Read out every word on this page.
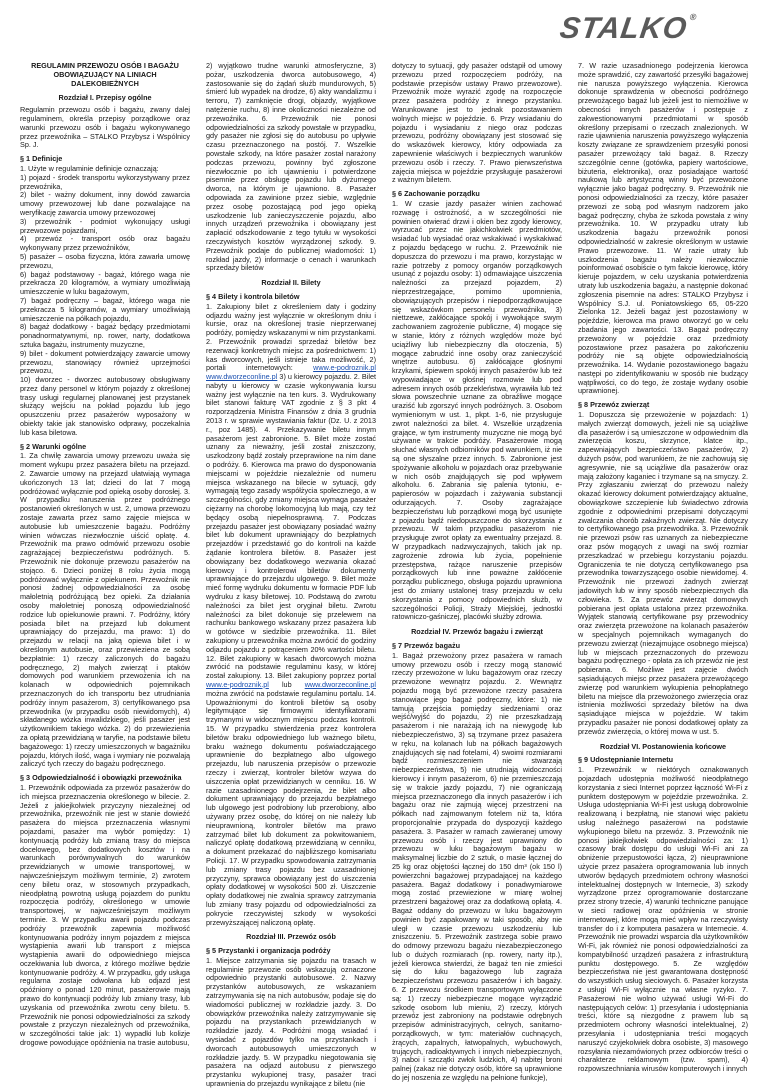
STALKO®
REGULAMIN PRZEWOZU OSÓB I BAGAŻU OBOWIĄZUJĄCY NA LINIACH DALEKOBIEŻNYCH
Rozdział I. Przepisy ogólne

Regulamin przewozu osób i bagażu, zwany dalej regulaminem, określa przepisy porządkowe oraz warunki przewozu osób i bagażu wykonywanego przez przewoźnika – STALKO Przybysz i Wspólnicy Sp. J.

§ 1 Definicje
1. Użyte w regulaminie definicje oznaczają:
1) pojazd - środek transportu wykorzystywany przez przewoźnika,
2) bilet - ważny dokument, inny dowód zawarcia umowy przewozowej lub dane pozwalające na weryfikację zawarcia umowy przewozowej
3) przewoźnik - podmiot wykonujący usługi przewozowe pojazdami,
4) przewóz - transport osób oraz bagażu wykonywany przez przewoźników,
5) pasażer – osoba fizyczna, która zawarła umowę przewozu,
6) bagaż podstawowy - bagaż, którego waga nie przekracza 20 kilogramów, a wymiary umożliwiają umieszczenie w luku bagażowym,
7) bagaż podręczny – bagaż, którego waga nie przekracza 5 kilogramów, a wymiary umożliwiają umieszczenie na półkach pojazdu,
8) bagaż dodatkowy - bagaż będący przedmiotami ponadnormatywnymi, np. rower, narty, dodatkowa sztuka bagażu, instrumenty muzyczne,
9) bilet - dokument potwierdzający zawarcie umowy przewozu, stanowiący również uprzejmości przewozu,
10) dworzec - dworzec autobusowy obsługiwany przez dany personel w którym pojazdy z określonej trasy usługi regularnej planowanej jest przystanek służący wejściu na pokład pojazdu lub jego opuszczeniu przez pasażerów wyposażony w obiekty takie jak stanowisko odprawy, poczekalnia lub kasa biletowa.
§ 2 Warunki ogólne

1. Za chwilę zawarcia umowy przewozu uważa się moment wykupu przez pasażera biletu na przejazd. 2. Zawarcie umowy na przejazd ułatwiają wymaga ukończonych 13 lat; dzieci do lat 7 mogą podróżować wyłącznie pod opieką osoby dorosłej. 3. W przypadku naruszenia przez podróżnego postanowień określonych w ust. 2, umowa przewozu zostaje zawarta przez samo zajęcie miejsca w autobusie lub umieszczenie bagażu. Podróżny winien wówczas niezwłocznie uiścić opłatę. 4. Przewoźnik ma prawo odmówić przewozu osobie zagrażającej bezpieczeństwu podróżnych. 5. Przewoźnik nie dokonuje przewozu pasażerów na stojąco. 6. Dzieci poniżej 8 roku życia mogą podróżować wyłącznie z opiekunem. Przewoźnik nie ponosi żadnej odpowiedzialności za osobę małoletnią podróżującą bez opieki. Za działania osoby małoletniej ponoszą odpowiedzialność rodzice lub opiekunowie prawni. 7. Podróżny, który posiada bilet na przejazd lub dokument uprawniający do przejazdu, ma prawo: 1) do przejazdu w relacji na jaką opiewa bilet i w określonym autobusie, oraz przewieziena ze sobą bezpłatnie: 1) rzeczy zaliczonych do bagażu podręcznego, 2) małych zwierząt i ptaków domowych pod warunkiem przewożenia ich na kolanach w odpowiednich pojemnikach przeznaczonych do ich transportu bez utrudniania podróży innym pasażerom, 3) certyfikowanego psa przewodnika (w przypadku osób niewidomych), 4) składanego wózka inwalidzkiego, jeśli pasażer jest użytkownikiem takiego wózka. 2) do przewiezienia za opłatą przewidzianą w taryfie, na podstawie biletu bagażowego: 1) rzeczy umieszczonych w bagażniku pojazdu, których ilość, waga i wymiary nie pozwalają zaliczyć tych rzeczy do bagażu podręcznego.

§ 3 Odpowiedzialność i obowiązki przewoźnika

1. Przewoźnik odpowiada za przewóz pasażerów do ich miejsca przeznaczenia określonego w bilecie. 2. Jeżeli z jakiejkolwiek przyczyny niezależnej od przewoźnika, przewoźnik nie jest w stanie dowieźć pasażera do miejsca przeznaczenia własnymi pojazdami, pasażer ma wybór pomiędzy: 1) kontynuacją podróży lub zmianą trasy do miejsca docelowego, bez dodatkowych kosztów i na warunkach porównywalnych do warunków przewidzianych w umowie transportowej, w najwcześniejszym możliwym terminie, 2) zwrotem ceny biletu oraz, w stosownych przypadkach, nieodpłatną powrotną usługą pojazdem do punktu rozpoczęcia podróży, określonego w umowie transportowej, w najwcześniejszym możliwym terminie. 3. W przypadku awarii pojazdu podczas podróży przewoźnik zapewnia możliwość kontynuowania podróży innym pojazdem z miejsca wystąpienia awarii lub transport z miejsca wystąpienia awarii do odpowiedniego miejsca oczekiwania lub dworca, z którego możliwe będzie kontynuowanie podróży. 4. W przypadku, gdy usługa regularna zostaje odwołana lub odjazd jest opóźniony o ponad 120 minut, pasażerowie mają prawo do kontynuacji podróży lub zmiany trasy, lub uzyskania od przewoźnika zwrotu ceny biletu. 5. Przewoźnik nie ponosi odpowiedzialności za szkody powstałe z przyczyn niezależnych od przewoźnika, w szczególności takie jak: 1) wypadki lub kolizje drogowe powodujące opóźnienia na trasie autobusu,

2) wyjątkowo trudne warunki atmosferyczne, 3) pożar, uszkodzenia dworca autobusowego, 4) zastosowanie się do żądań służb mundurowych, 5) śmierć lub wypadek na drodze, 6) akty wandalizmu i terroru, 7) zamknięcie drogi, objazdy, wyjątkowe natężenie ruchu, 8) inne okoliczności niezależne od przewoźnika. 6. Przewoźnik nie ponosi odpowiedzialności za szkody powstałe w przypadku, gdy pasażer nie zgłosi się do autobusu po upływie czasu przeznaczonego na postój. 7. Wszelkie powstałe szkody, na które pasażer został narażony podczas przewozu, powinny być zgłoszone niezwłocznie po ich ujawnieniu i potwierdzone pisemnie przez obsługę pojazdu lub dyżurnego dworca, na którym je ujawniono. 8. Pasażer odpowiada za zawinione przez siebie, względnie przez osobę pozostającą pod jego opieką uszkodzenie lub zanieczyszczenie pojazdu, albo innych urządzeń przewoźnika i obowiązany jest zapłacić odszkodowanie z tego tytułu w wysokości rzeczywistych kosztów wyrządzonej szkody. 9. Przewoźnik podaje do publicznej wiadomości: 1) rozkład jazdy, 2) informacje o cenach i warunkach sprzedaży biletów

Rozdział II. Bilety
§ 4 Bilety i kontrola biletów

1. Zakupiony bilet z określeniem daty i godziny odjazdu ważny jest wyłącznie w określonym dniu i kursie, oraz na określonej trasie nieprzerwanej podróży, pomiędzy wskazanymi w nim przystankami. 2. Przewoźnik prowadzi sprzedaż biletów bez rezerwacji konkretnych miejsc za pośrednictwem: 1) kas dworcowych, jeśli istnieje taka możliwość, 2) portali internetowych:	www.e-podroznik.pl www.dworzeconline.pl 3) u kierowcy pojazdu. 2. Bilet nabyty u kierowcy w czasie wykonywania kursu ważny jest wyłącznie na ten kurs. 3. Wydrukowany bilet stanowi fakturę VAT zgodnie z § 3 pkt 4 rozporządzenia Ministra Finansów z dnia 3 grudnia 2013 r. w sprawie wystawiania faktur (Dz. U. z 2013 r., poz 1485). 4. Przekazywanie biletu innym pasażerom jest zabronione. 5. Bilet może zostać uznany za nieważny, jeśli został zniszczony, uszkodzony bądź zostały przeprawione na nim dane o podróży. 6. Kierowca ma prawo do dysponowania miejscami w pojeździe niezależnie od numeru miejsca wskazanego na bilecie w sytuacji, gdy wymagają tego zasady współżycia społecznego, a w szczególności, gdy zmiany miejsca wymaga pasażer ciężarny na chorobę lokomocyjną lub mają, czy też będący osobą niepełnosprawną. 7. Podczas przejazdu pasażer jest obowiązany posiadać ważny bilet lub dokument uprawniający do bezpłatnych przejazdów i przedstawić go do kontroli na każde żądanie kontrolera biletów. 8. Pasażer jest obowiązany bez dodatkowego wezwania okazać kierowcy i kontrolerowi biletów dokumenty uprawniające do przejazdu ulgowego. 9. Bilet może mieć formę wydruku dokumentu w formacie PDF lub wydruku z kasy biletowej. 10. Podstawą do zwrotu należności za bilet jest oryginał biletu. Zwrotu należności za bilet dokonuje się przelewem na rachunku bankowego wskazany przez pasażera lub w gotówce w siedzibie przewoźnika. 11. Bilet zakupiony u przewoźnika można zwrócić do godziny odjazdu pojazdu z potrąceniem 20% wartości biletu. 12. Bilet zakupiony w kasach dworcowych można zwrócić na podstawie regulaminu kasy, w której został zakupiony. 13. Bilet zakupiony poprzez portal www.e-podroznik.pl lub www.dworzeconline.pl można zwrócić na podstawie regulaminu portalu. 14. Upoważnionymi do kontroli biletów są osoby legitymujące się firmowymi identyfikatorami trzymanymi w widocznym miejscu podczas kontroli. 15. W przypadku stwierdzenia przez kontrolera biletów braku odpowiedniego lub ważnego biletu, braku ważnego dokumentu poświadczającego uprawnienie do bezpłatnego albo ulgowego przejazdu, lub naruszenia przepisów o przewozie rzeczy i zwierząt, kontroler biletów wzywa do uiszczenia opłat przewidzianych w cenniku. 16. W razie uzasadnionego podejrzenia, że bilet albo dokument uprawniający do przejazdu bezpłatnego lub ulgowego jest podrobiony lub przerobiony, albo używany przez osobę, do której on nie należy lub nieuprawnioną, kontroler biletów ma prawo zatrzymać bilet lub dokument za pokwitowaniem, naliczyć opłatę dodatkową przewidzianą w cenniku, a dokument przekazać do najbliższego komisariatu Policji. 17. W przypadku spowodowania zatrzymania lub zmiany trasy pojazdu bez uzasadnionej przyczyny, sprawca obowiązany jest do uiszczenia opłaty dodatkowej w wysokości 500 zł. Uiszczenie opłaty dodatkowej nie zwalnia sprawcy zatrzymania lub zmiany trasy pojazdu od odpowiedzialności za pokrycie rzeczywistej szkody w wysokości przewyższającej naliczoną opłatę.

Rozdział III. Przewóz osób
§ 5 Przystanki i organizacja podróży

1. Miejsce zatrzymania się pojazdu na trasach w regulaminie przewozie osób wskazują oznaczone odpowiednio przystanki autobusowe. 2. Nazwy przystanków autobusowych, ze wskazaniem zatrzymywania się na nich autobusów, podaje się do wiadomości publicznej w rozkładzie jazdy. 3. Do obowiązków przewoźnika należy zatrzymywanie się pojazdu na przystankach przewidzianych w rozkładzie jazdy. 4. Podróżni mogą wsiadać i wysiadać z pojazdów tylko na przystankach i dworcach autobusowych umieszczonych w rozkładzie jazdy. 5. W przypadku niegotowania się pasażera na odjazd autobusu z pierwszego przystanku wykupionej trasy, pasażer traci uprawnienia do przejazdu wynikające z biletu (nie

dotyczy to sytuacji, gdy pasażer odstąpił od umowy przewozu przed rozpoczęciem podróży, na podstawie przepisów ustawy Prawo przewozowe). Przewoźnik może wyrazić zgodę na rozpoczęcie przez pasażera podróży z innego przystanku. Warunkowane jest to jednak pozostawaniem wolnych miejsc w pojeździe. 6. Przy wsiadaniu do pojazdu i wysiadaniu z niego oraz podczas przewozu, podróżny obowiązany jest stosować się do wskazówek kierowcy, który odpowiada za zapewnienie właściwych i bezpiecznych warunków przewozu osób i rzeczy. 7. Prawo pierwszeństwa zajęcia miejsca w pojeździe przysługuje pasażerowi z ważnym biletem.

§ 6 Zachowanie porządku

1. W czasie jazdy pasażer winien zachować rozwagę i ostrożność, a w szczególności nie powinien otwierać drzwi i okien bez zgody kierowcy, wyrzucać przez nie jakichkolwiek przedmiotów, wsiadać lub wysiadać oraz wskakiwać i wyskakiwać z pojazdu będącego w ruchu. 2. Przewoźnik nie dopuszcza do przewozu i ma prawo, korzystając w razie potrzeby z pomocy organów porządkowych usunąć z pojazdu osoby: 1) odmawiające uiszczenia należności za przejazd pojazdem, 2) nieprzestrzegające, pomimo upomnienia, obowiązujących przepisów i niepodporządkowujące się wskazówkom personelu przewoźnika, 3) niettzewe, zakłócające spokój i wywołujące swym zachowaniem zagrożenie publiczne, 4) mogące się w stanie, który z różnych względów może być uciążliwy lub niebezpieczny dla otoczenia, 5) mogące zabrudzić inne osoby oraz zanieczyścić wnętrze autobusu. 6) zakłócające głośnymi krzykami, śpiewem spokój innych pasażerów lub też wypowiadające w głośnej rozmowie lub pod adresem innych osób przekleństwa, wyrawiła lub też słowa powszechnie uznane za obraźliwe mogące uraziść lub zgorszyć innych podróżnych. 3. Osobom wymienionym w ust. 1, pkpt. 1-6, nie przysługuje zwrot należności za bilet. 4. Wszelkie urządzenia grające, w tym instrumenty muzyczne nie mogą być używane w trakcie podróży. Pasażerowie mogą słuchać własnych odbiorników pod warunkiem, iż nie są one słyszalne przez innych. 5. Zabronione jest spożywanie alkoholu w pojazdach oraz przebywanie w nich osób znajdujących się pod wpływem alkoholu. 6. Zabrania się palenia tytoniu, e-papierosów w pojazdach i zażywania substancji odurzających. 7. Osoby zagrażające bezpieczeństwu lub porządkowi mogą być usunięte z pojazdu bądź niedopuszczone do skorzystania z przewozu. W takim przypadku pasażerom nie przysługuje zwrot opłaty za ewentualny przejazd. 8. W przypadkach nadzwyczajnych, takich jak np. zagrożenie zdrowia lub życia, popełnienie przestępstwa, rażące naruszenie przepisów porządkowych lub inne poważne zakłócenie porządku publicznego, obsługa pojazdu uprawniona jest do zmiany ustalonej trasy przejazdu w celu skorzystania z pomocy odpowiednich służb, w szczególności Policji, Straży Miejskiej, jednostki ratowniczo-gaśniczej, placówki służby zdrowia.

Rozdział IV. Przewóz bagażu i zwierząt
§ 7 Przewóz bagażu

1. Bagaż przewożony przez pasażera w ramach umowy przewozu osób i rzeczy mogą stanowić rzeczy przewożone w luku bagażowym oraz rzeczy przewożone wewnątrz pojazdu. 2. Wewnątrz pojazdu mogą być przewożone rzeczy pasażera stanowiące jego bagaż podręczny, które: 1) nie tamują przejścia pomiędzy siedzeniami oraz wejść/wyjść do pojazdu, 2) nie przeszkadzają pasażerom i nie narażają ich na niewygodę lub niebezpieczeństwo, 3) są trzymane przez pasażera w ręku, na kolanach lub na półkach bagażowych znajdujących się nad fotelami, 4) swoimi rozmiarami bądź rozmieszczeniem nie stwarzają niebezpieczeństwa, 5) nie utrudniają widoczności kierowcy i innym pasażerom, 6) nie przemieszczają się w trakcie jazdy pojazdu, 7) nie ograniczają miejsca przeznaczonego dla innych pasażerów i ich bagażu oraz nie zajmują więcej przestrzeni na półkach nad zajmowanym fotelem niż ta, która proporcjonalnie przypada do dyspozycji każdego pasażera. 3. Pasażer w ramach zawieranej umowy przewozu osób i rzeczy jest uprawniony do przewozu w luku bagażowym bagażu w maksymalnej liczbie do 2 sztuk, o masie łącznej do 25 kg oraz objętości łącznej do 150 dm³ (ok 150 l) powierzchni bagażowej przypadającej na każdego pasażera. Bagaż dodatkowy i ponadwymiarowe mogą zostać przewiezione w miarę wolnej przestrzeni bagażowej oraz za dodatkową opłatą. 4. Bagaż oddany do przewozu w luku bagażowym powinien być zapakowany w taki sposób, aby nie uległ w czasie przewozu uszkodzeniu lub zniszczeniu. 5. Przewoźnik zastrzega sobie prawo do odmowy przewozu bagażu niezabezpieczonego lub o dużych rozmiarach (np. rowery, narty itp.), jeżeli kierowca stwierdzi, że bagaż ten nie zmieści się do luku bagażowego lub zagraża bezpieczeństwu przewozu pasażerów i ich bagaży. 6. Z przewozu środkiem transportowym wyłączone są: 1) rzeczy niebezpieczne mogące wyrządzić szkodę osobom lub mieniu, 2) rzeczy, których przewóz jest zabroniony na podstawie odrębnych przepisów administracyjnych, celnych, sanitarno-porządkowych, w tym: materiałów cuchnących, żrących, zapalnych, łatwopalnych, wybuchowych, trujących, radioaktywnych i innych niebezpiecznych, 3) naboi i szczątki zwłok ludzkich, 4) nabitej broni palnej (zakaz nie dotyczy osób, które są uprawnione do jej noszenia ze względu na pełnione funkcje),

7. W razie uzasadnionego podejrzenia kierowca może sprawdzić, czy zawartość przesyłki bagażowej nie narusza powyższego wyłączenia. Kierowca dokonuje sprawdzenia w obecności podróżnego przewożącego bagaż lub jeżeli jest to niemożliwe w obecności innych pasażerów i postępuje z zakwestionowanymi przedmiotami w sposób określony przepisami o rzeczach znalezionych. W razie ujawnienia naruszenia powyższego wyłączenia koszty związane ze sprawdzeniem przesyłki ponosi pasażer przewożący taki bagaż. 8. Rzeczy szczególnie cenne (gotówka, papiery wartościowe, biżuteria, elektronika), oraz posiadające wartość naukową lub artystyczną winny być przewożone wyłącznie jako bagaż podręczny. 9. Przewoźnik nie ponosi odpowiedzialności za rzeczy, które pasażer przewozi ze sobą pod własnym nadzorem jako bagaż podręczny, chyba że szkoda powstała z winy przewoźnika. 10. W przypadku utraty lub uszkodzenia bagażu przewoźnik ponosi odpowiedzialność w zakresie określonym w ustawie Prawo przewozowe. 11. W razie utraty lub uszkodzenia bagażu należy niezwłocznie poinformować osobiście o tym fakcie kierowcę, który kieruje pojazdem, w celu uzyskania potwierdzenia utraty lub uszkodzenia bagażu, a następnie dokonać zgłoszenia pisemnie na adres: STALKO Przybysz i Wspólnicy S.J. ul. Poniatowskiego 65, 05-220 Zielonka 12. Jeżeli bagaż jest pozostawiony w pojeździe, kierowca ma prawo otworzyć go w celu zbadania jego zawartości. 13. Bagaż podręczny przewożony w pojeździe oraz przedmioty pozostawione przez pasażera po zakończeniu podróży nie są objęte odpowiedzialnością przewoźnika. 14. Wydanie pozostawionego bagażu następi po zidentyfikowaniu w sposób nie budzący wątpliwości, co do tego, że zostaje wydany osobie uprawnionej.

§ 8 Przewóz zwierząt

1. Dopuszcza się przewożenie w pojazdach: 1) małych zwierząt domowych, jeżeli nie są uciążliwe dla pasażerów i są umieszczone w odpowiednim dla zwierzęcia koszu, skrzynce, klatce itp., zapewniających bezpieczeństwo pasażerów, 2) dużych psów, pod warunkiem, że nie zachowują się agresywnie, nie są uciążliwe dla pasażerów oraz mają założony kaganiec i trzymane są na smyczy. 2. Przy zgłaszaniu zwierząt do przewozu należy okazać kierowcy dokument potwierdzający aktualne, obowiązkowe szczepienie lub świadectwo zdrowia zgodnie z odpowiednimi przepisami dotyczącymi zwalczania chorób zakaźnych zwierząt. Nie dotyczy to certyfikowanego psa przewodnika. 3. Przewoźnik nie przewozi psów ras uznanych za niebezpieczne oraz psów mogących z uwagi na swój rozmiar przeszkadzać w przebiegu korzystaniu pojazdu. Ograniczenia te nie dotyczą certyfikowanego psa przewodnika towarzyszącego osobie niewidomej. 4. Przewoźnik nie przewozi żadnych zwierząt jadowitych lub w inny sposób niebezpiecznych dla człowieka. 5. Za przewóz zwierząt domowych pobierana jest opłata ustalona przez przewoźnika. Wyjątek stanowią certyfikowane psy przewodnicy oraz zwierzęta przewożone na kolanach pasażerów w specjalnych pojemnikach wymaganych do przewozu zwierząt (niezajmujące osobnego miejsca) lub w miejscach przeznaczonych do przewozu bagażu podręcznego - opłata za ich przewóz nie jest pobierana. 6. Możliwe jest zajęcie dwóch sąsiadujących miejsc przez pasażera przewożącego zwierzę pod warunkiem wykupienia pełnopłatnego biletu na miejsce dla przewożonego zwierzęcia oraz istnienia możliwości sprzedaży biletów na dwa sąsiadujące miejsca w pojeździe. W takim przypadku pasażer nie ponosi dodatkowej opłaty za przewóz zwierzęcia, o której mowa w ust. 5.

Rozdział VI. Postanowienia końcowe
§ 9 Udostępnianie Internetu

1. Przewoźnik w niektórych oznakowanych pojazdach udostępnia możliwość nieodpłatnego korzystania z sieci Internet poprzez łączność Wi-Fi z punktem dostępowym w pojeździe przewoźnika. 2. Usługa udostępniania Wi-Fi jest usługą dobrowolnie realizowaną i bezpłatną, nie stanowi więc pakietu usług należnego pasażerowi na podstawie wykupionego biletu na przewóz. 3. Przewoźnik nie ponosi jakiejkolwiek odpowiedzialności za: 1) czasowy brak dostępu do usługi Wi-Fi ani za obniżenie przepustowości łącza, 2) nieuprawnione użycie przez pasażera oprogramowania lub innych utworów będących przedmiotem ochrony własności intelektualnej dostępnych w Internecie, 3) szkody wyrządzone przez oprogramowanie dostarczane przez strony trzecie, 4) warunki techniczne panujące w sieci radiowej oraz opóźnienia w stronie internetowej, które mogą mieć wpływ na rzeczywisty transfer do i z komputera pasażera w Internecie. 4. Przewoźnik nie prowadzi wsparcia dla użytkowników Wi-Fi, jak również nie ponosi odpowiedzialności za kompatybilność urządzeń pasażera z infrastrukturą punktu dostępowego. 5. Ze względów bezpieczeństwa nie jest gwarantowana dostępność do wszystkich usług sieciowych. 6. Pasażer korzysta z usługi Wi-Fi wyłącznie na własne ryzyko. 7. Pasażerowi nie wolno używać usługi Wi-Fi do następujących celów: 1) przesyłania i udostępniania treści, które są niezgodne z prawem lub są przedmiotem ochrony własności intelektualnej, 2) przesyłania i udostępniania treści mogących naruszyć czyjekolwiek dobra osobiste, 3) masowego rozsyłania niezamówionych przez odbiorców treści o charakterze reklamowym (tzw. spam), 4) rozpowszechniania wirusów komputerowych i innych
